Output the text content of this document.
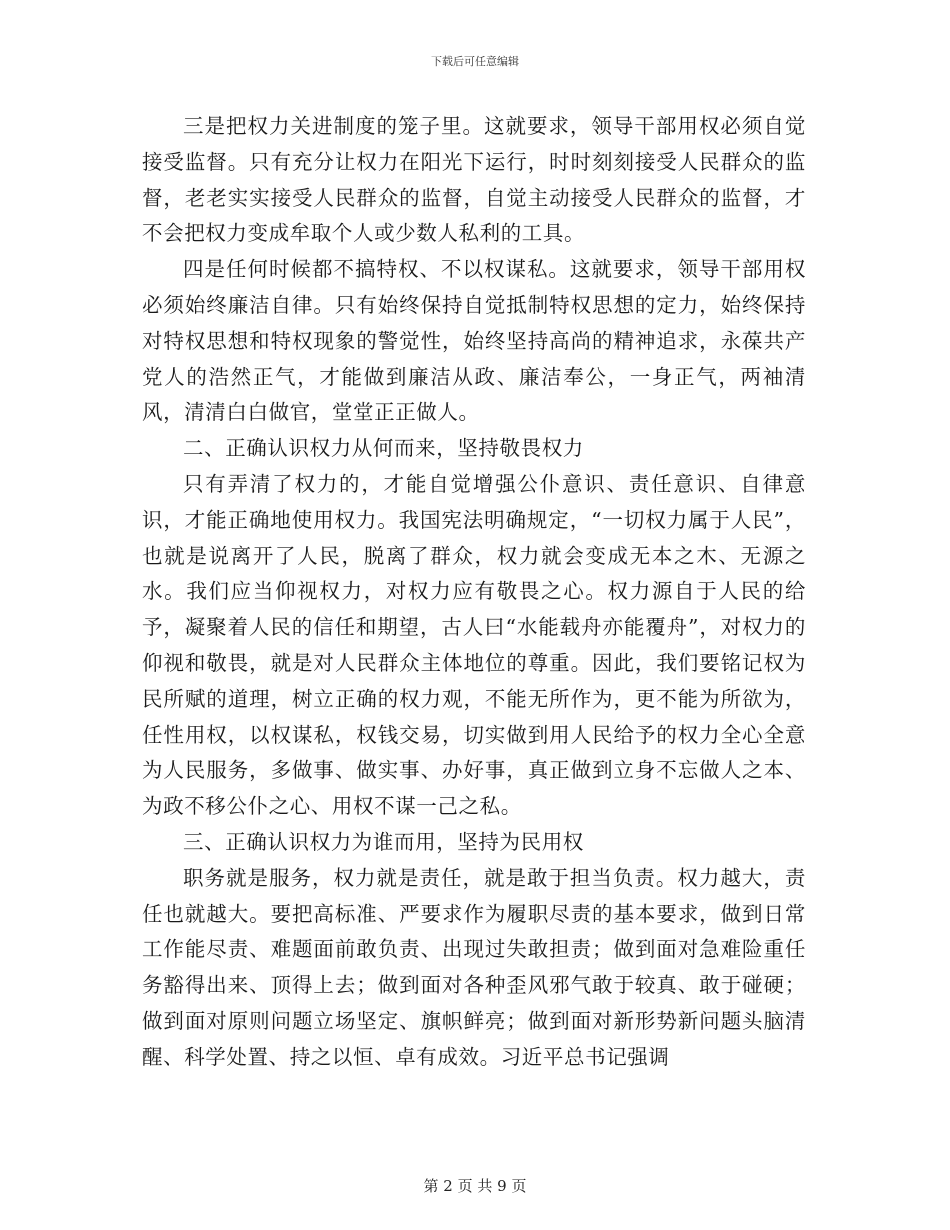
下载后可任意编辑

三是把权力关进制度的笼子里。这就要求，领导干部用权必须自觉接受监督。只有充分让权力在阳光下运行，时时刻刻接受人民群众的监督，老老实实接受人民群众的监督，自觉主动接受人民群众的监督，才不会把权力变成牟取个人或少数人私利的工具。

四是任何时候都不搞特权、不以权谋私。这就要求，领导干部用权必须始终廉洁自律。只有始终保持自觉抵制特权思想的定力，始终保持对特权思想和特权现象的警觉性，始终坚持高尚的精神追求，永葆共产党人的浩然正气，才能做到廉洁从政、廉洁奉公，一身正气，两袖清风，清清白白做官，堂堂正正做人。

二、正确认识权力从何而来，坚持敬畏权力

只有弄清了权力的，才能自觉增强公仆意识、责任意识、自律意识，才能正确地使用权力。我国宪法明确规定，“一切权力属于人民”，也就是说离开了人民，脱离了群众，权力就会变成无本之木、无源之水。我们应当仰视权力，对权力应有敬畏之心。权力源自于人民的给予，凝聚着人民的信任和期望，古人曰“水能载舟亦能覆舟”，对权力的仰视和敬畏，就是对人民群众主体地位的尊重。因此，我们要铭记权为民所赋的道理，树立正确的权力观，不能无所作为，更不能为所欲为，任性用权，以权谋私，权钱交易，切实做到用人民给予的权力全心全意为人民服务，多做事、做实事、办好事，真正做到立身不忘做人之本、为政不移公仆之心、用权不谋一己之私。

三、正确认识权力为谁而用，坚持为民用权

职务就是服务，权力就是责任，就是敢于担当负责。权力越大，责任也就越大。要把高标准、严要求作为履职尽责的基本要求，做到日常工作能尽责、难题面前敢负责、出现过失敢担责；做到面对急难险重任务豁得出来、顶得上去；做到面对各种歪风邪气敢于较真、敢于碰硬；做到面对原则问题立场坚定、旗帜鲜亮；做到面对新形势新问题头脑清醒、科学处置、持之以恒、卓有成效。习近平总书记强调

第 2 页 共 9 页
